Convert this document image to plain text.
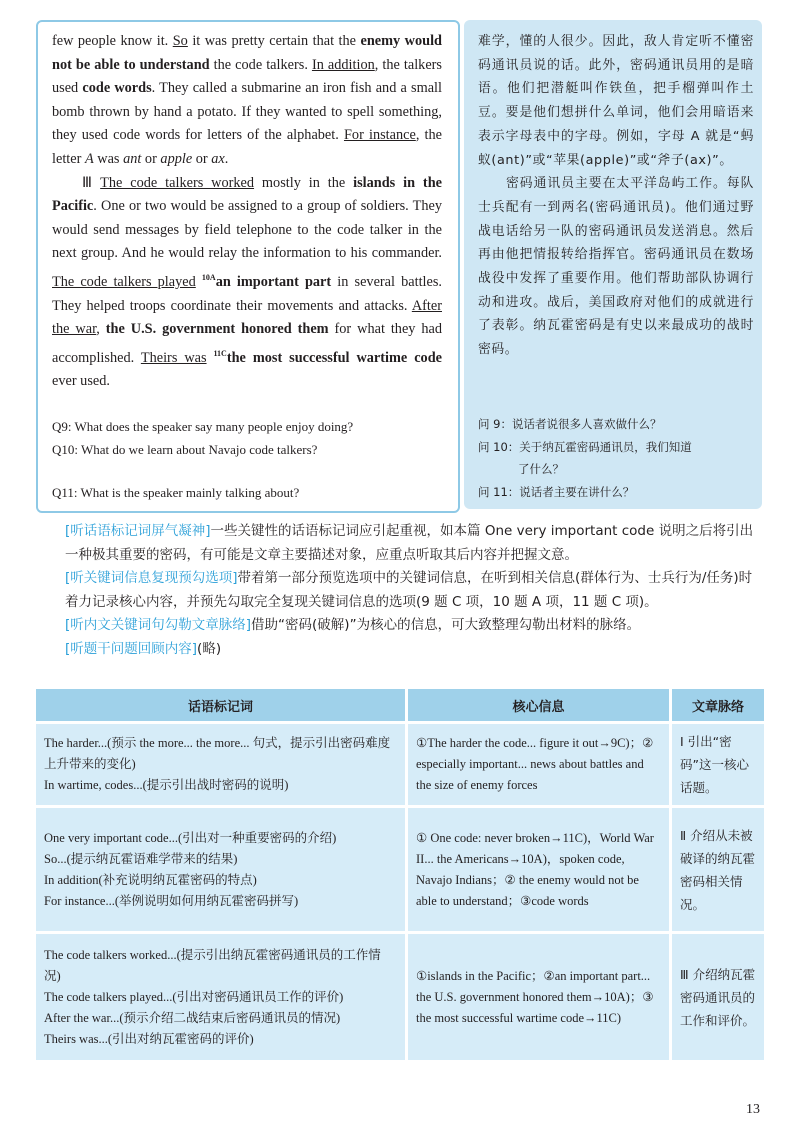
few people know it. So it was pretty certain that the enemy would not be able to understand the code talkers. In addition, the talkers used code words. They called a submarine an iron fish and a small bomb thrown by hand a potato. If they wanted to spell something, they used code words for letters of the alphabet. For instance, the letter A was ant or apple or ax.

Ⅲ The code talkers worked mostly in the islands in the Pacific. One or two would be assigned to a group of soldiers. They would send messages by field telephone to the code talker in the next group. And he would relay the information to his commander. The code talkers played $^{10A}$an important part in several battles. They helped troops coordinate their movements and attacks. After the war, the U.S. government honored them for what they had accomplished. Theirs was $^{11C}$the most successful wartime code ever used.

Q9: What does the speaker say many people enjoy doing?
Q10: What do we learn about Navajo code talkers?
Q11: What is the speaker mainly talking about?

难学，懂的人很少。因此，敌人肯定听不懂密码通讯员说的话。此外，密码通讯员用的是暗语。他们把潜艇叫作铁鱼，把手榴弹叫作土豆。要是他们想拼什么单词，他们会用暗语来表示字母表中的字母。例如，字母 A 就是“蚂蚁(ant)”或“苹果(apple)”或“斧子(ax)”。

密码通讯员主要在太平洋岛屿工作。每队士兵配有一到两名(密码通讯员)。他们通过野战电话给另一队的密码通讯员发送消息。然后再由他把情报转给指挥官。密码通讯员在数场战役中发挥了重要作用。他们帮助部队协调行动和进攻。战后，美国政府对他们的成就进行了表彰。纳瓦霍密码是有史以来最成功的战时密码。

问 9：说话者说很多人喜欢做什么？
问 10：关于纳瓦霍密码通讯员，我们知道
了什么？
问 11：说话者主要在讲什么？

[听话语标记词屏气凝神]一些关键性的话语标记词应引起重视，如本篇 One very important code 说明之后将引出一种极其重要的密码，有可能是文章主要描述对象，应重点听取其后内容并把握文意。

[听关键词信息复现预勾选项]带着第一部分预览选项中的关键词信息，在听到相关信息(群体行为、士兵行为/任务)时着力记录核心内容，并预先勾取完全复现关键词信息的选项(9 题 C 项，10 题 A 项，11 题 C 项)。

[听内文关键词句勾勒文章脉络]借助“密码(破解)”为核心的信息，可大致整理勾勒出材料的脉络。

[听题干问题回顾内容](略)

话语标记词	核心信息	文章脉络

The harder...(预示 the more... the more... 句式，提示引出密码难度上升带来的变化)
In wartime, codes...(提示引出战时密码的说明)	①The harder the code... figure it out→9C)；② especially important... news about battles and the size of enemy forces	Ⅰ 引出“密码”这一核心话题。

One very important code...(引出对一种重要密码的介绍)
So...(提示纳瓦霍语难学带来的结果)
In addition(补充说明纳瓦霍密码的特点)
For instance...(举例说明如何用纳瓦霍密码拼写)	① One code: never broken→11C)，World War II... the Americans→10A)，spoken code, Navajo Indians；② the enemy would not be able to understand；③code words	Ⅱ 介绍从未被破译的纳瓦霍密码相关情况。

The code talkers worked...(提示引出纳瓦霍密码通讯员的工作情况)
The code talkers played...(引出对密码通讯员工作的评价)
After the war...(预示介绍二战结束后密码通讯员的情况)
Theirs was...(引出对纳瓦霍密码的评价)	①islands in the Pacific；②an important part... the U.S. government honored them→10A)；③ the most successful wartime code→11C)	Ⅲ 介绍纳瓦霍密码通讯员的工作和评价。
13
